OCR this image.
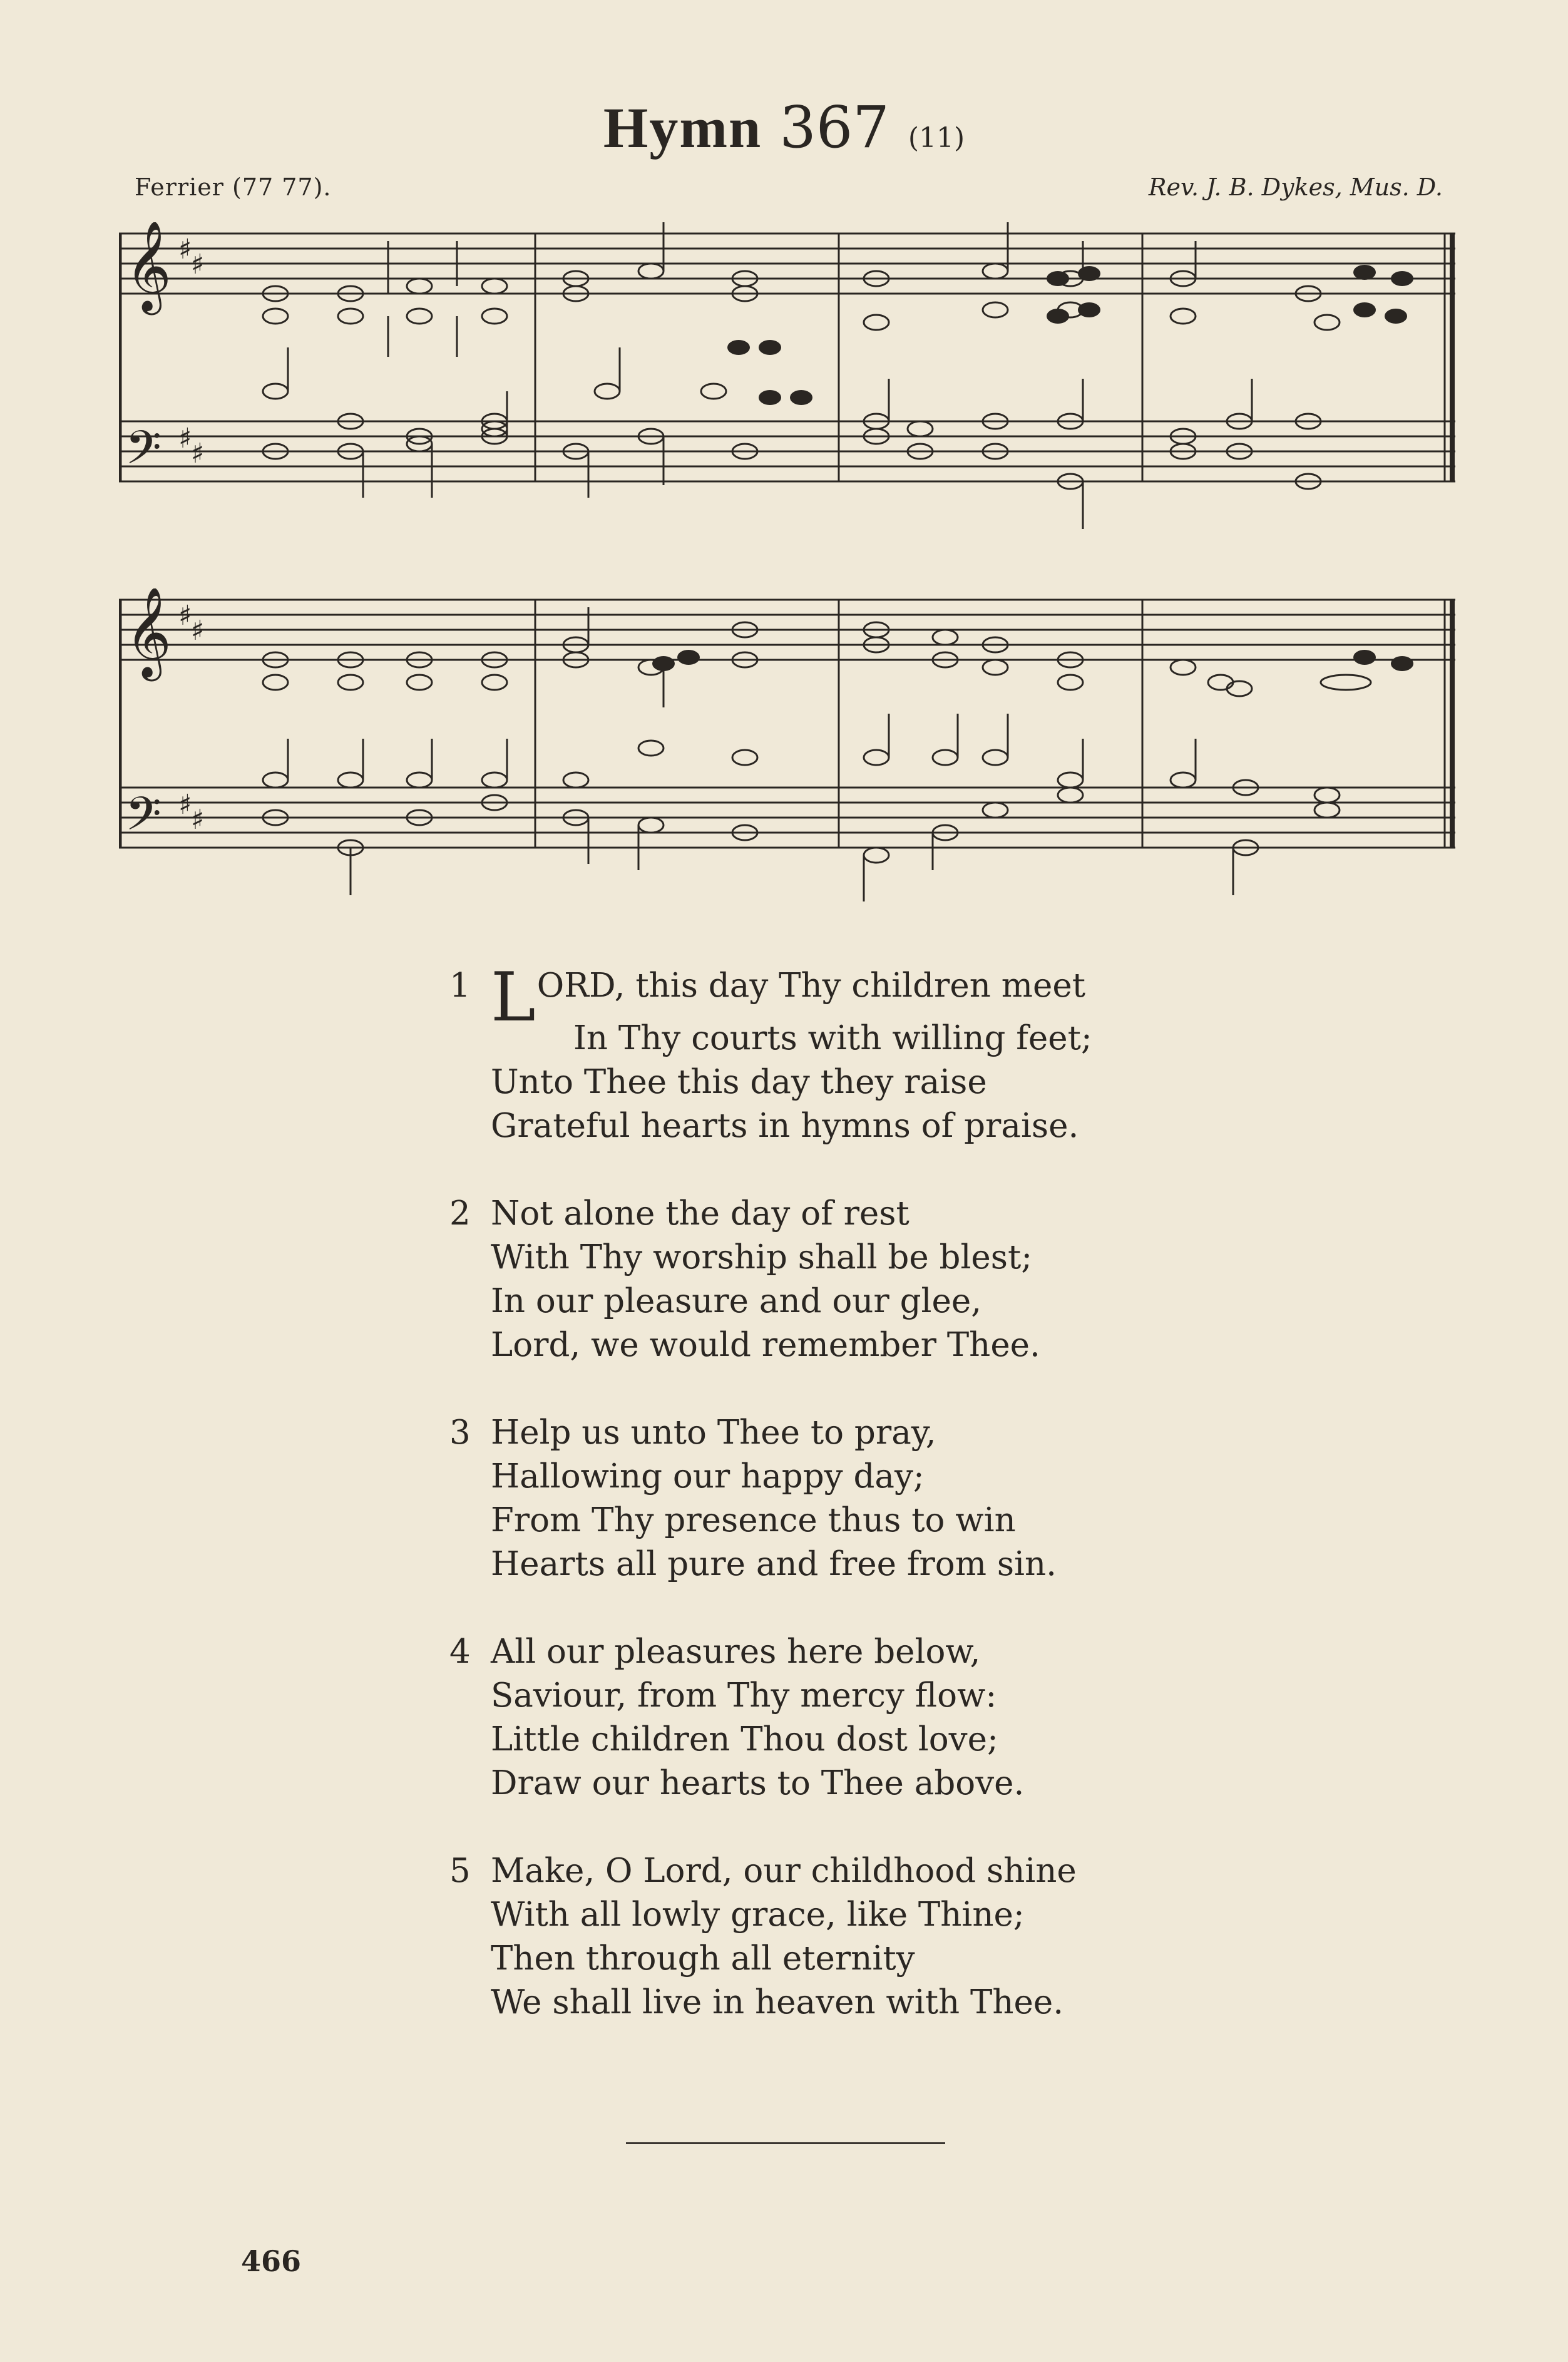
Hymn 367 (11)
Ferrier (77 77).	Rev. J. B. Dykes, Mus. D.
𝄞 ♯
♯
𝄢 ♯
♯
𝄞 ♯
♯
𝄢 ♯
♯
1 LORD, this day Thy children meet
In Thy courts with willing feet;
Unto Thee this day they raise
Grateful hearts in hymns of praise.
2 Not alone the day of rest
With Thy worship shall be blest;
In our pleasure and our glee,
Lord, we would remember Thee.
3 Help us unto Thee to pray,
Hallowing our happy day;
From Thy presence thus to win
Hearts all pure and free from sin.
4 All our pleasures here below,
Saviour, from Thy mercy flow:
Little children Thou dost love;
Draw our hearts to Thee above.
5 Make, O Lord, our childhood shine
With all lowly grace, like Thine;
Then through all eternity
We shall live in heaven with Thee.
466
